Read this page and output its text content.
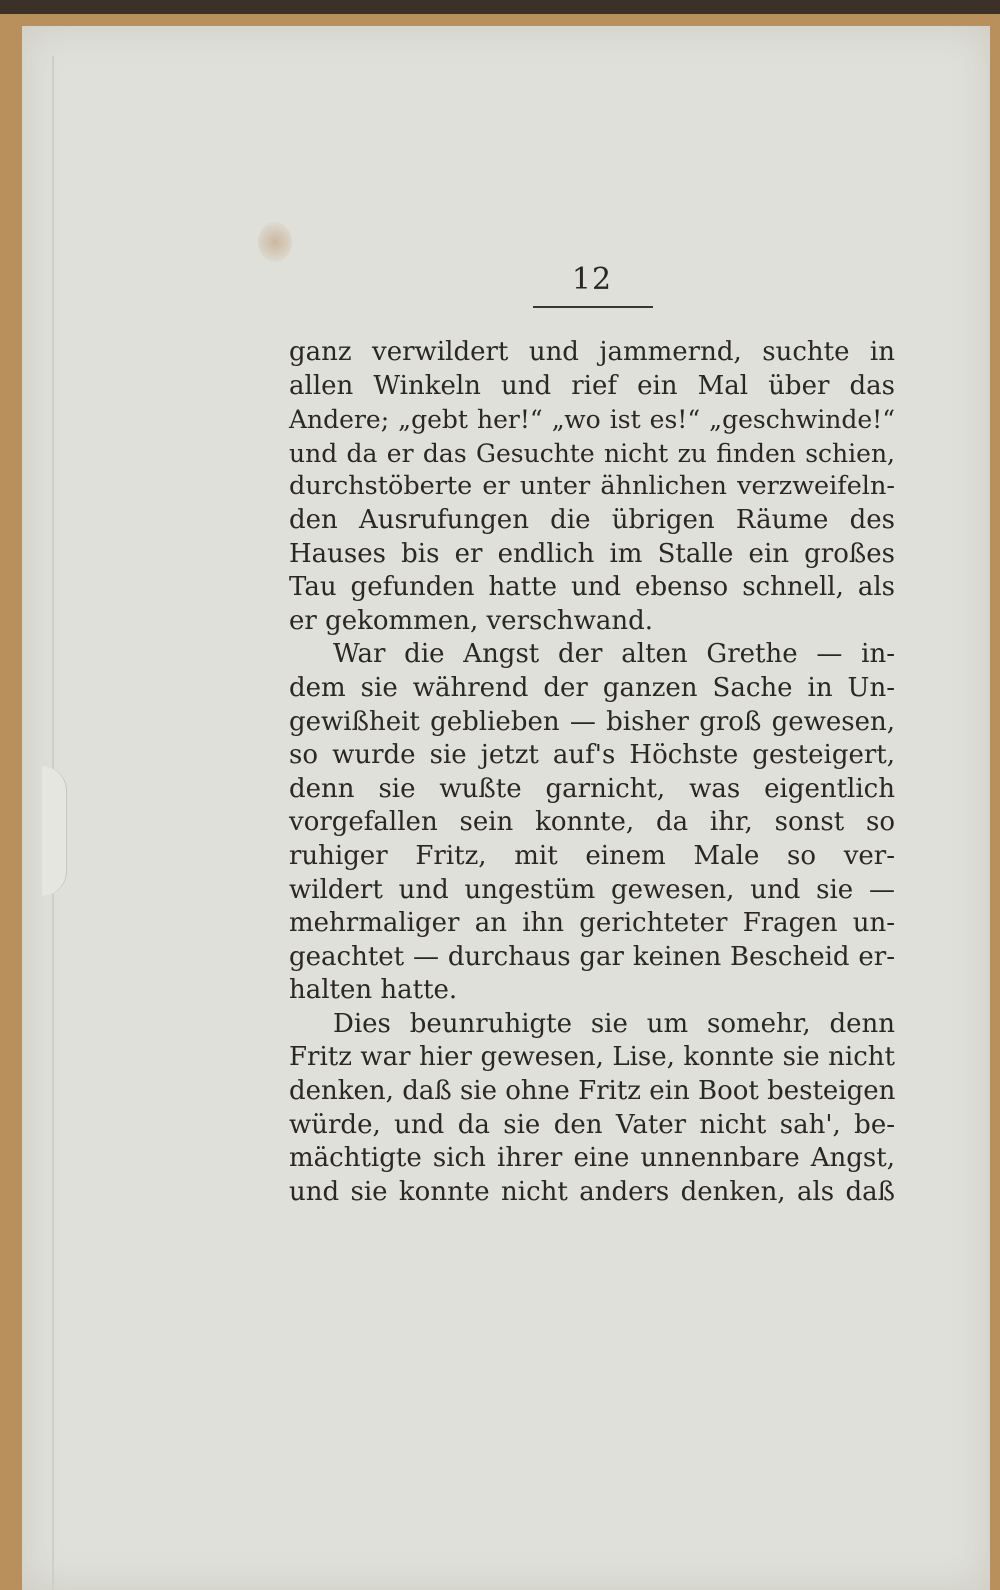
12
ganz verwildert und jammernd, suchte in
allen Winkeln und rief ein Mal über das
Andere; „gebt her!“ „wo ist es!“ „geschwinde!“
und da er das Gesuchte nicht zu finden schien,
durchstöberte er unter ähnlichen verzweifeln-
den Ausrufungen die übrigen Räume des
Hauses bis er endlich im Stalle ein großes
Tau gefunden hatte und ebenso schnell, als
er gekommen, verschwand.
War die Angst der alten Grethe — in-
dem sie während der ganzen Sache in Un-
gewißheit geblieben — bisher groß gewesen,
so wurde sie jetzt auf's Höchste gesteigert,
denn sie wußte garnicht, was eigentlich
vorgefallen sein konnte, da ihr, sonst so
ruhiger Fritz, mit einem Male so ver-
wildert und ungestüm gewesen, und sie —
mehrmaliger an ihn gerichteter Fragen un-
geachtet — durchaus gar keinen Bescheid er-
halten hatte.
Dies beunruhigte sie um somehr, denn
Fritz war hier gewesen, Lise, konnte sie nicht
denken, daß sie ohne Fritz ein Boot besteigen
würde, und da sie den Vater nicht sah', be-
mächtigte sich ihrer eine unnennbare Angst,
und sie konnte nicht anders denken, als daß
